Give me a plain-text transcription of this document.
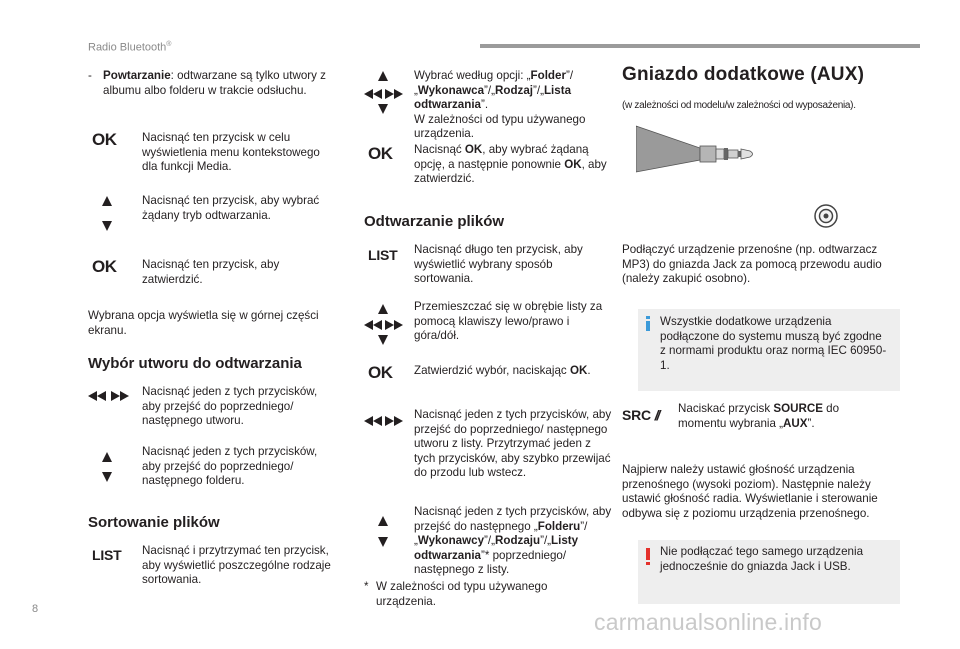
Radio Bluetooth®
- Powtarzanie: odtwarzane są tylko utwory z albumu albo folderu w trakcie odsłuchu.
OK Nacisnąć ten przycisk w celu wyświetlenia menu kontekstowego dla funkcji Media.
Nacisnąć ten przycisk, aby wybrać żądany tryb odtwarzania.
OK Nacisnąć ten przycisk, aby zatwierdzić.
Wybrana opcja wyświetla się w górnej części ekranu.
Wybór utworu do odtwarzania
Nacisnąć jeden z tych przycisków, aby przejść do poprzedniego/ następnego utworu.
Nacisnąć jeden z tych przycisków, aby przejść do poprzedniego/ następnego folderu.
Sortowanie plików
LIST Nacisnąć i przytrzymać ten przycisk, aby wyświetlić poszczególne rodzaje sortowania.
Wybrać według opcji: „Folder”/„Wykonawca”/„Rodzaj”/„Lista odtwarzania”.
W zależności od typu używanego urządzenia.
OK Nacisnąć OK, aby wybrać żądaną opcję, a następnie ponownie OK, aby zatwierdzić.
Odtwarzanie plików
LIST Nacisnąć długo ten przycisk, aby wyświetlić wybrany sposób sortowania.
Przemieszczać się w obrębie listy za pomocą klawiszy lewo/prawo i góra/dół.
OK Zatwierdzić wybór, naciskając OK.
Nacisnąć jeden z tych przycisków, aby przejść do poprzedniego/ następnego utworu z listy. Przytrzymać jeden z tych przycisków, aby szybko przewijać do przodu lub wstecz.
Nacisnąć jeden z tych przycisków, aby przejść do następnego „Folderu”/„Wykonawcy”/„Rodzaju”/„Listy odtwarzania”* poprzedniego/ następnego z listy.
* W zależności od typu używanego urządzenia.
Gniazdo dodatkowe (AUX)
(w zależności od modelu/w zależności od wyposażenia).
Podłączyć urządzenie przenośne (np. odtwarzacz MP3) do gniazda Jack za pomocą przewodu audio (należy zakupić osobno).
Wszystkie dodatkowe urządzenia podłączone do systemu muszą być zgodne z normami produktu oraz normą IEC 60950-1.
SRC // Naciskać przycisk SOURCE do momentu wybrania „AUX”.
Najpierw należy ustawić głośność urządzenia przenośnego (wysoki poziom). Następnie należy ustawić głośność radia. Wyświetlanie i sterowanie odbywa się z poziomu urządzenia przenośnego.
Nie podłączać tego samego urządzenia jednocześnie do gniazda Jack i USB.
8	carmanualsonline.info
